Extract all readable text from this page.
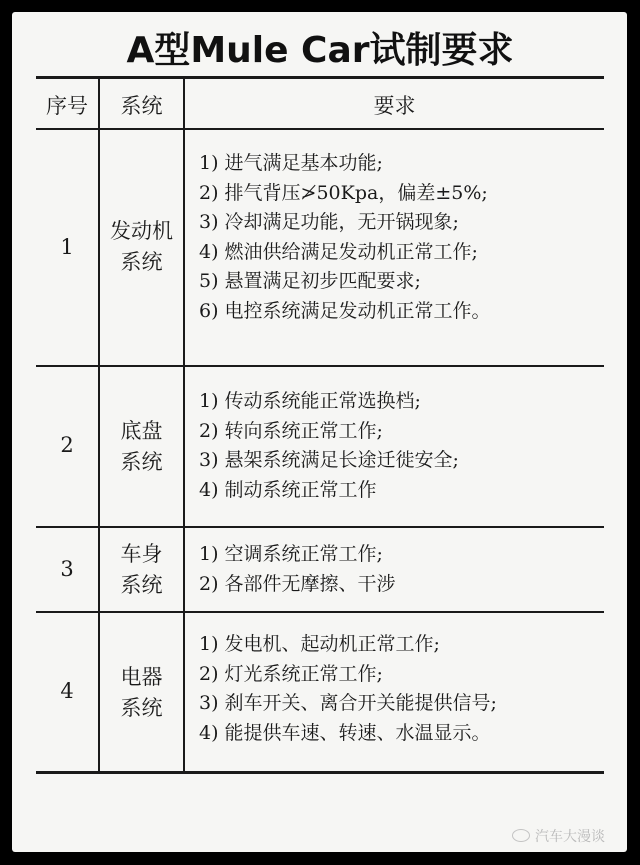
A型Mule Car试制要求
序号	系统	要求
1
发动机
系统
1) 进气满足基本功能;
2) 排气背压≯50Kpa，偏差±5%;
3) 冷却满足功能，无开锅现象;
4) 燃油供给满足发动机正常工作;
5) 悬置满足初步匹配要求;
6) 电控系统满足发动机正常工作。
2
底盘
系统
1) 传动系统能正常选换档;
2) 转向系统正常工作;
3) 悬架系统满足长途迁徙安全;
4) 制动系统正常工作
3
车身
系统
1) 空调系统正常工作;
2) 各部件无摩擦、干涉
4
电器
系统
1) 发电机、起动机正常工作;
2) 灯光系统正常工作;
3) 刹车开关、离合开关能提供信号;
4) 能提供车速、转速、水温显示。
汽车大漫谈
